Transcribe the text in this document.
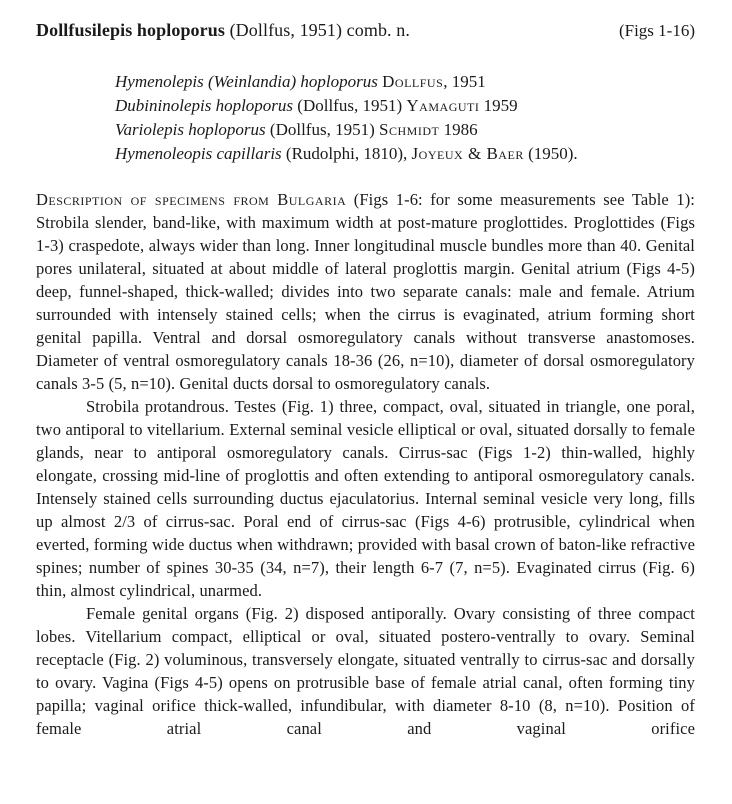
Dollfusilepis hoploporus (Dollfus, 1951) comb. n.	(Figs 1-16)
Hymenolepis (Weinlandia) hoploporus Dollfus, 1951
Dubininolepis hoploporus (Dollfus, 1951) Yamaguti 1959
Variolepis hoploporus (Dollfus, 1951) Schmidt 1986
Hymenoleopis capillaris (Rudolphi, 1810), Joyeux & Baer (1950).

Description of specimens from Bulgaria (Figs 1-6: for some measurements see Table 1): Strobila slender, band-like, with maximum width at post-mature proglottides. Proglottides (Figs 1-3) craspedote, always wider than long. Inner longitudinal muscle bundles more than 40. Genital pores unilateral, situated at about middle of lateral proglottis margin. Genital atrium (Figs 4-5) deep, funnel-shaped, thick-walled; divides into two separate canals: male and female. Atrium surrounded with intensely stained cells; when the cirrus is evaginated, atrium forming short genital papilla. Ventral and dorsal osmoregulatory canals without transverse anastomoses. Diameter of ventral osmoregulatory canals 18-36 (26, n=10), diameter of dorsal osmoregulatory canals 3-5 (5, n=10). Genital ducts dorsal to osmoregulatory canals.

Strobila protandrous. Testes (Fig. 1) three, compact, oval, situated in triangle, one poral, two antiporal to vitellarium. External seminal vesicle elliptical or oval, situated dorsally to female glands, near to antiporal osmoregulatory canals. Cirrus-sac (Figs 1-2) thin-walled, highly elongate, crossing mid-line of proglottis and often extending to antiporal osmoregulatory canals. Intensely stained cells surrounding ductus ejaculatorius. Internal seminal vesicle very long, fills up almost 2/3 of cirrus-sac. Poral end of cirrus-sac (Figs 4-6) protrusible, cylindrical when everted, forming wide ductus when withdrawn; provided with basal crown of baton-like refractive spines; number of spines 30-35 (34, n=7), their length 6-7 (7, n=5). Evaginated cirrus (Fig. 6) thin, almost cylindrical, unarmed.

Female genital organs (Fig. 2) disposed antiporally. Ovary consisting of three compact lobes. Vitellarium compact, elliptical or oval, situated postero-ventrally to ovary. Seminal receptacle (Fig. 2) voluminous, transversely elongate, situated ventrally to cirrus-sac and dorsally to ovary. Vagina (Figs 4-5) opens on protrusible base of female atrial canal, often forming tiny papilla; vaginal orifice thick-walled, infundibular, with diameter 8-10 (8, n=10). Position of female atrial canal and vaginal orifice
